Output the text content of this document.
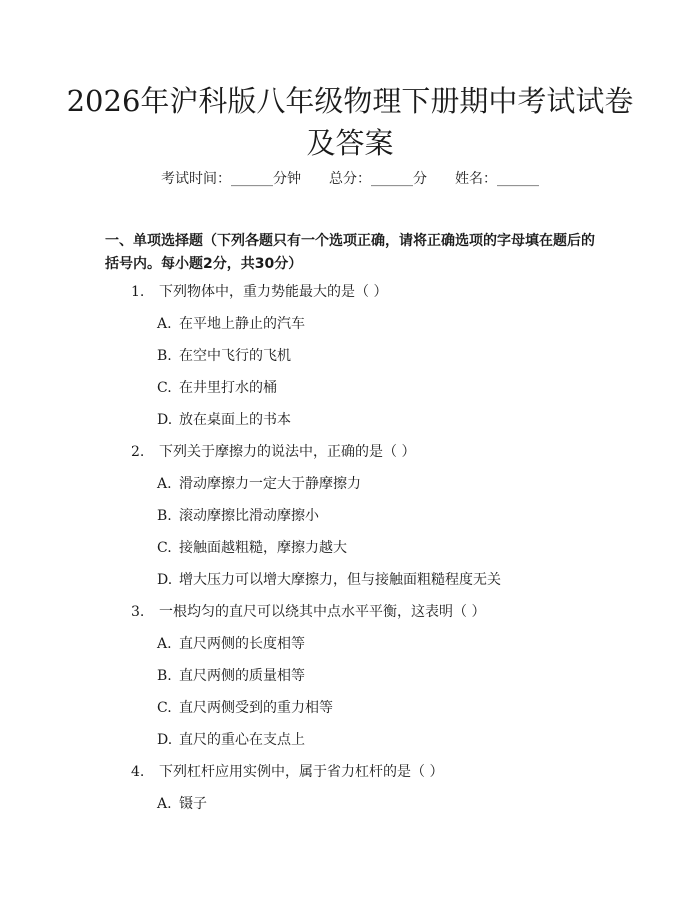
2026年沪科版八年级物理下册期中考试试卷及答案
考试时间：______分钟 总分：______分 姓名：______

一、单项选择题（下列各题只有一个选项正确，请将正确选项的字母填在题后的括号内。每小题2分，共30分）

1. 下列物体中，重力势能最大的是（ ）
A. 在平地上静止的汽车
B. 在空中飞行的飞机
C. 在井里打水的桶
D. 放在桌面上的书本
2. 下列关于摩擦力的说法中，正确的是（ ）
A. 滑动摩擦力一定大于静摩擦力
B. 滚动摩擦比滑动摩擦小
C. 接触面越粗糙，摩擦力越大
D. 增大压力可以增大摩擦力，但与接触面粗糙程度无关
3. 一根均匀的直尺可以绕其中点水平平衡，这表明（ ）
A. 直尺两侧的长度相等
B. 直尺两侧的质量相等
C. 直尺两侧受到的重力相等
D. 直尺的重心在支点上
4. 下列杠杆应用实例中，属于省力杠杆的是（ ）
A. 镊子
